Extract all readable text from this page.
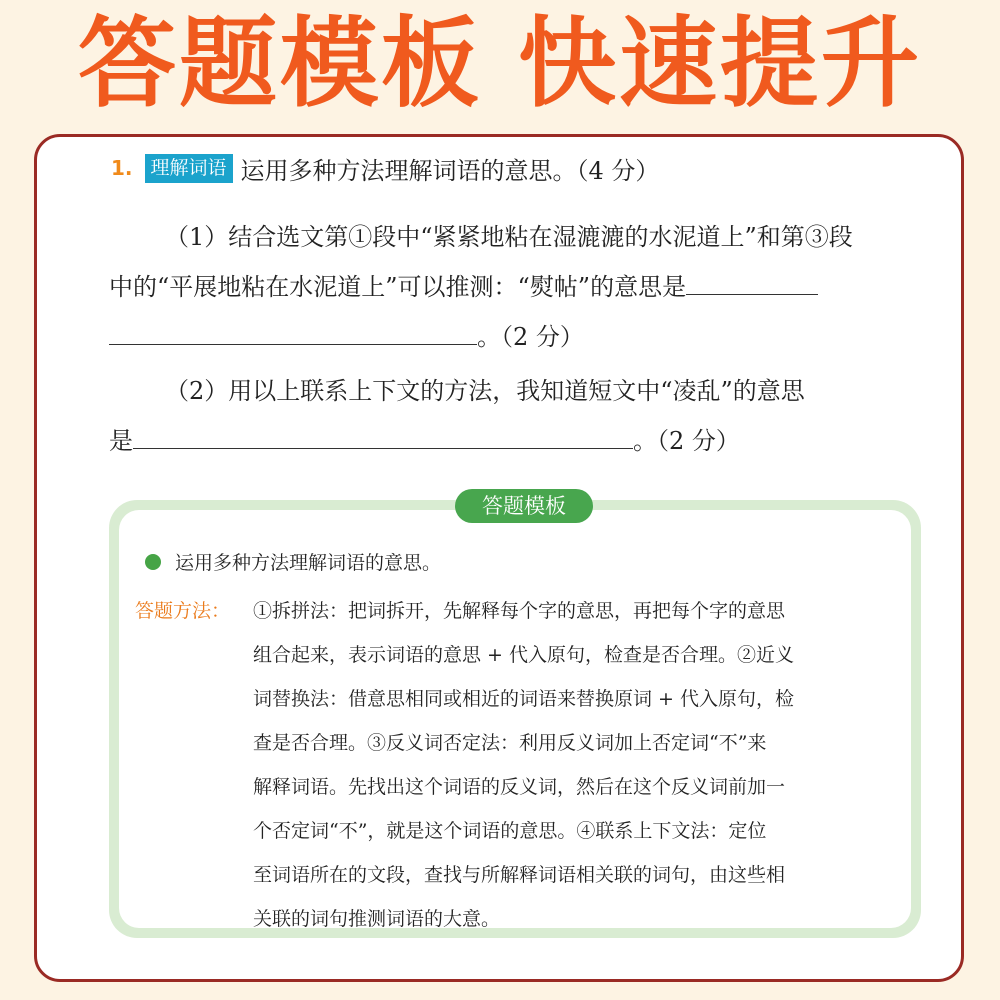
答题模板 快速提升
1. 理解词语 运用多种方法理解词语的意思。（4 分）
（1）结合选文第①段中“紧紧地粘在湿漉漉的水泥道上”和第③段
中的“平展地粘在水泥道上”可以推测：“熨帖”的意思是
。（2 分）
（2）用以上联系上下文的方法，我知道短文中“凌乱”的意思
是	。（2 分）
运用多种方法理解词语的意思。
答题方法： ①拆拼法：把词拆开，先解释每个字的意思，再把每个字的意思
组合起来，表示词语的意思 + 代入原句，检查是否合理。②近义
词替换法：借意思相同或相近的词语来替换原词 + 代入原句，检
查是否合理。③反义词否定法：利用反义词加上否定词“不”来
解释词语。先找出这个词语的反义词，然后在这个反义词前加一
个否定词“不”，就是这个词语的意思。④联系上下文法：定位
至词语所在的文段，查找与所解释词语相关联的词句，由这些相
关联的词句推测词语的大意。
答题模板
